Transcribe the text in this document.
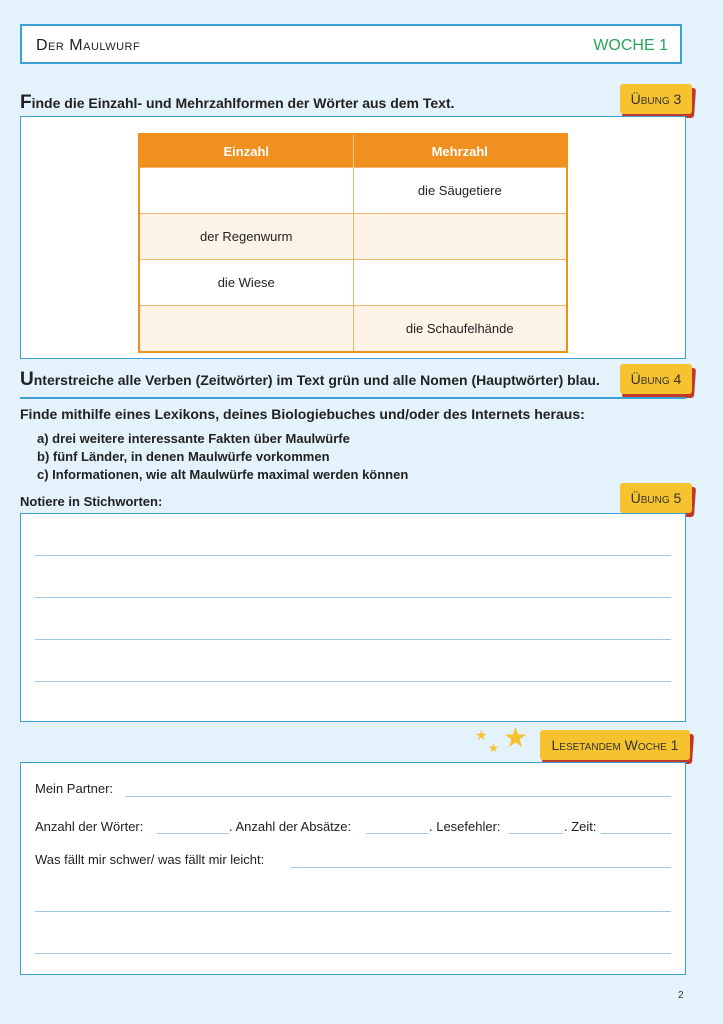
Der Maulwurf	WOCHE 1
Finde die Einzahl- und Mehrzahlformen der Wörter aus dem Text.	Übung 3
Einzahl	Mehrzahl
	die Säugetiere
der Regenwurm	
die Wiese	
	die Schaufelhände
Unterstreiche alle Verben (Zeitwörter) im Text grün und alle Nomen (Hauptwörter) blau.	Übung 4
Finde mithilfe eines Lexikons, deines Biologiebuches und/oder des Internets heraus:
a) drei weitere interessante Fakten über Maulwürfe
b) fünf Länder, in denen Maulwürfe vorkommen
c) Informationen, wie alt Maulwürfe maximal werden können
Notiere in Stichworten:	Übung 5
★
★ ★	Lesetandem Woche 1
Mein Partner:
Anzahl der Wörter:	. Anzahl der Absätze:	. Lesefehler:	. Zeit:
Was fällt mir schwer/ was fällt mir leicht:
2
